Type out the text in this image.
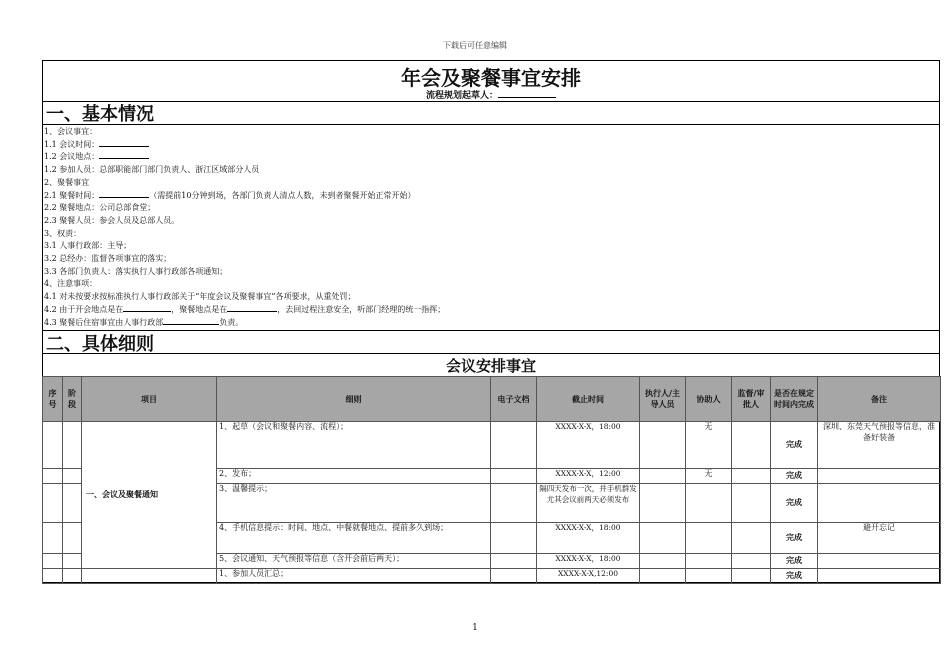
下载后可任意编辑
年会及聚餐事宜安排
流程规划起草人：
一、基本情况
1、会议事宜：
1.1 会议时间：
1.2 会议地点：
1.2 参加人员：总部职能部门部门负责人、浙江区域部分人员
2、聚餐事宜
2.1 聚餐时间：	（需提前10分钟到场，各部门负责人清点人数，未到者聚餐开始正常开始）
2.2 聚餐地点：公司总部食堂；
2.3 聚餐人员：参会人员及总部人员。
3、权责：
3.1 人事行政部：主导；
3.2 总经办：监督各项事宜的落实；
3.3 各部门负责人：落实执行人事行政部各项通知；
4、注意事项：
4.1 对未按要求按标准执行人事行政部关于“年度会议及聚餐事宜”各项要求，从重处罚；
4.2 由于开会地点是在	，聚餐地点是在	，去回过程注意安全，听部门经理的统一指挥；
4.3 聚餐后住宿事宜由人事行政部	负责。
二、具体细则
会议安排事宜
序号	阶段	项目	细则	电子文档	截止时间	执行人/主导人员	协助人	监督/审批人	是否在规定时间内完成	备注
		一、会议及聚餐通知	1、起草（会议和聚餐内容、流程）；		XXXX-X-X，18:00		无		完成	深圳、东莞天气预报等信息，准备好装备
			2、发布；		XXXX-X-X，12:00		无		完成	
			3、温馨提示；		隔四天发布一次，并手机群发尤其会议前两天必须发布				完成	
			4、手机信息提示：时间、地点、中餐就餐地点、提前多久到场；		XXXX-X-X，18:00				完成	避开忘记
			5、会议通知、天气预报等信息（含开会前后两天）；		XXXX-X-X，18:00				完成	
			1、参加人员汇总；		XXXX-X-X,12:00				完成	
1
